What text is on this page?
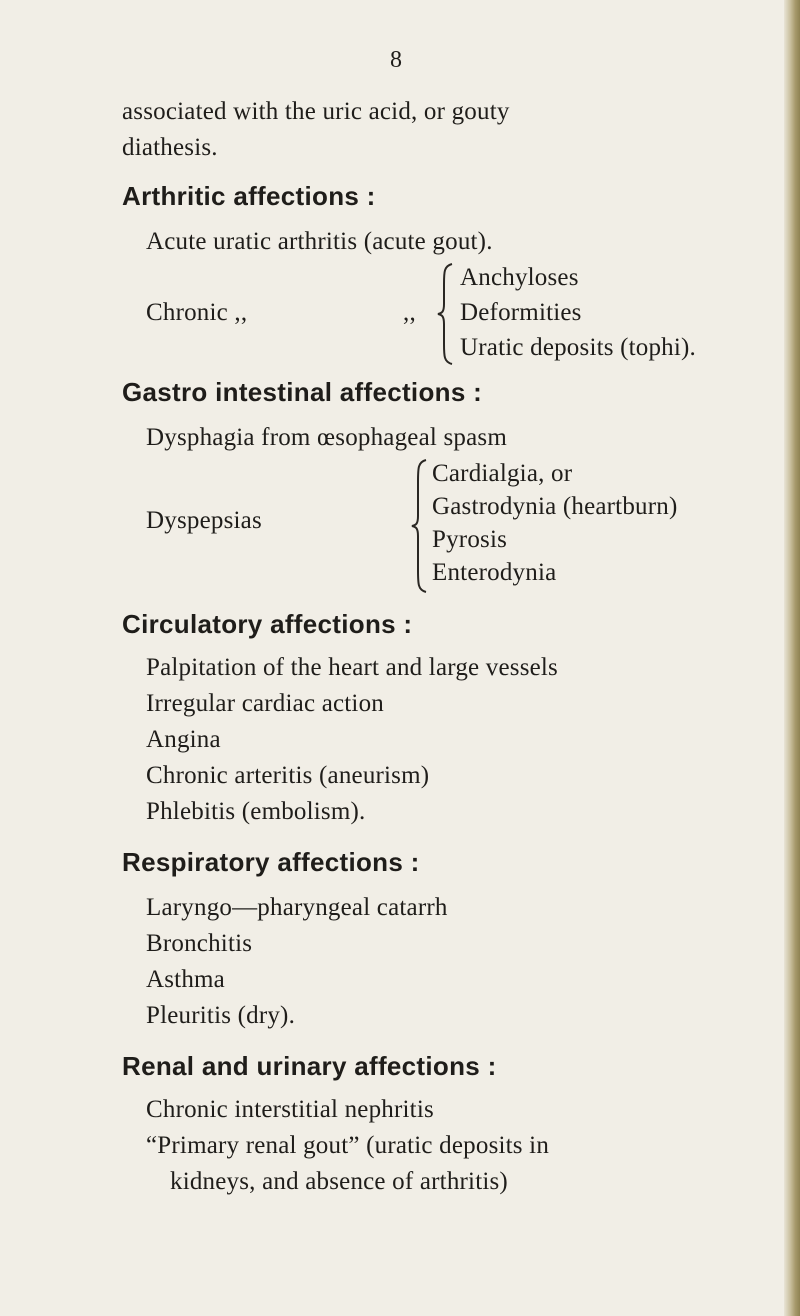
8
associated with the uric acid, or gouty
diathesis.
Arthritic affections :
Acute uratic arthritis (acute gout).
Chronic ,,	,,
Anchyloses
Deformities
Uratic deposits (tophi).
Gastro intestinal affections :
Dysphagia from œsophageal spasm
Dyspepsias
Cardialgia, or
Gastrodynia (heartburn)
Pyrosis
Enterodynia
Circulatory affections :
Palpitation of the heart and large vessels
Irregular cardiac action
Angina
Chronic arteritis (aneurism)
Phlebitis (embolism).
Respiratory affections :
Laryngo—pharyngeal catarrh
Bronchitis
Asthma
Pleuritis (dry).
Renal and urinary affections :
Chronic interstitial nephritis
“Primary renal gout” (uratic deposits in
kidneys, and absence of arthritis)
